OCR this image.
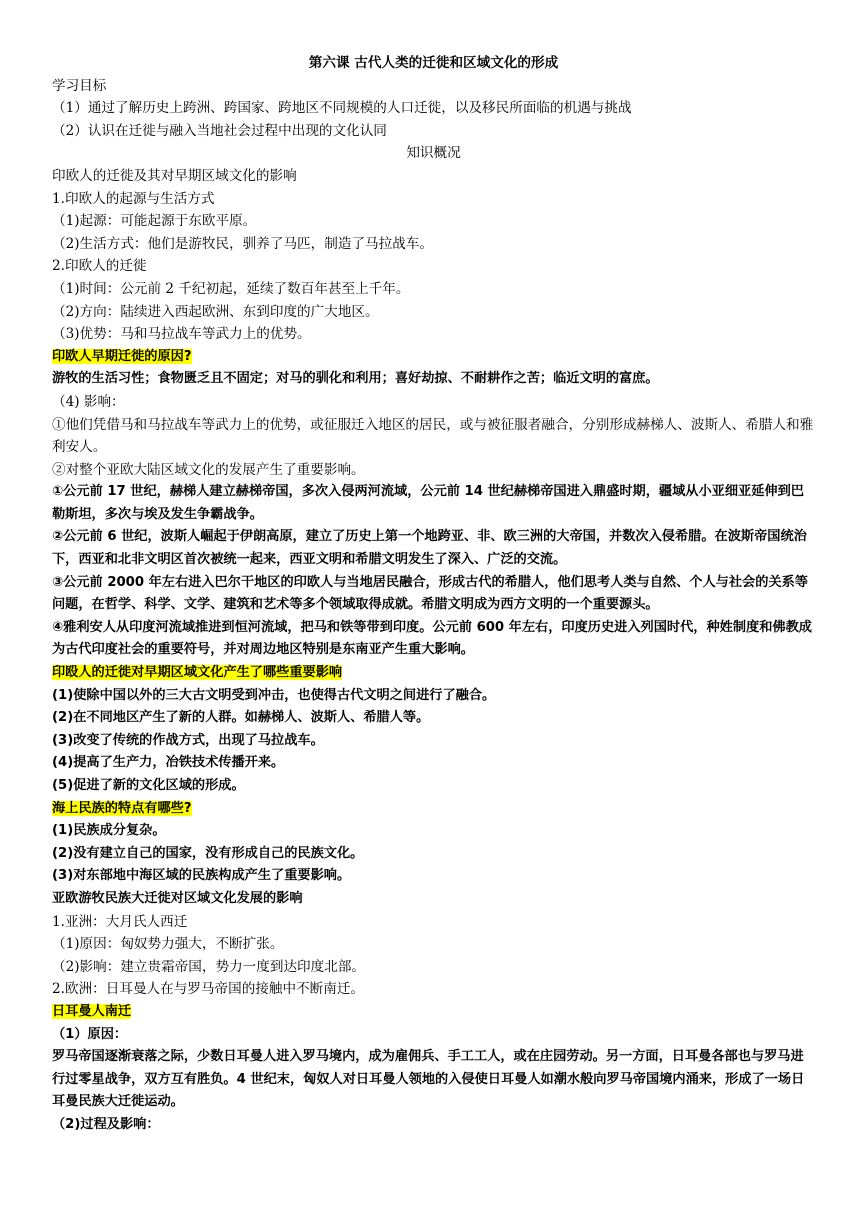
第六课 古代人类的迁徙和区域文化的形成

学习目标

（1）通过了解历史上跨洲、跨国家、跨地区不同规模的人口迁徙，以及移民所面临的机遇与挑战

（2）认识在迁徙与融入当地社会过程中出现的文化认同

知识概况

印欧人的迁徙及其对早期区域文化的影响

1.印欧人的起源与生活方式

（1)起源：可能起源于东欧平原。

（2)生活方式：他们是游牧民，驯养了马匹，制造了马拉战车。

2.印欧人的迁徙

（1)时间：公元前 2 千纪初起，延续了数百年甚至上千年。

（2)方向：陆续进入西起欧洲、东到印度的广大地区。

（3)优势：马和马拉战车等武力上的优势。

印欧人早期迁徙的原因?

游牧的生活习性；食物匮乏且不固定；对马的驯化和利用；喜好劫掠、不耐耕作之苦；临近文明的富庶。

（4) 影响：

①他们凭借马和马拉战车等武力上的优势，或征服迁入地区的居民，或与被征服者融合，分别形成赫梯人、波斯人、希腊人和雅利安人。

②对整个亚欧大陆区域文化的发展产生了重要影响。

①公元前 17 世纪，赫梯人建立赫梯帝国，多次入侵两河流域，公元前 14 世纪赫梯帝国进入鼎盛时期，疆域从小亚细亚延伸到巴勒斯坦，多次与埃及发生争霸战争。

②公元前 6 世纪，波斯人崛起于伊朗高原，建立了历史上第一个地跨亚、非、欧三洲的大帝国，并数次入侵希腊。在波斯帝国统治下，西亚和北非文明区首次被统一起来，西亚文明和希腊文明发生了深入、广泛的交流。

③公元前 2000 年左右进入巴尔干地区的印欧人与当地居民融合，形成古代的希腊人，他们思考人类与自然、个人与社会的关系等问题，在哲学、科学、文学、建筑和艺术等多个领域取得成就。希腊文明成为西方文明的一个重要源头。

④雅利安人从印度河流域推进到恒河流域，把马和铁等带到印度。公元前 600 年左右，印度历史进入列国时代，种姓制度和佛教成为古代印度社会的重要符号，并对周边地区特别是东南亚产生重大影响。

印殴人的迁徙对早期区域文化产生了哪些重要影响

(1)使除中国以外的三大古文明受到冲击，也使得古代文明之间进行了融合。

(2)在不同地区产生了新的人群。如赫梯人、波斯人、希腊人等。

(3)改变了传统的作战方式，出现了马拉战车。

(4)提高了生产力，冶铁技术传播开来。

(5)促进了新的文化区域的形成。

海上民族的特点有哪些?

(1)民族成分复杂。

(2)没有建立自己的国家，没有形成自己的民族文化。

(3)对东部地中海区域的民族构成产生了重要影响。

亚欧游牧民族大迁徙对区域文化发展的影响

1.亚洲：大月氏人西迁

（1)原因：匈奴势力强大，不断扩张。

（2)影响：建立贵霜帝国，势力一度到达印度北部。

2.欧洲：日耳曼人在与罗马帝国的接触中不断南迁。

日耳曼人南迁

（1）原因：

罗马帝国逐渐衰落之际，少数日耳曼人进入罗马境内，成为雇佣兵、手工工人，或在庄园劳动。另一方面，日耳曼各部也与罗马进行过零星战争，双方互有胜负。4 世纪末，匈奴人对日耳曼人领地的入侵使日耳曼人如潮水般向罗马帝国境内涌来，形成了一场日耳曼民族大迁徙运动。

（2)过程及影响：
